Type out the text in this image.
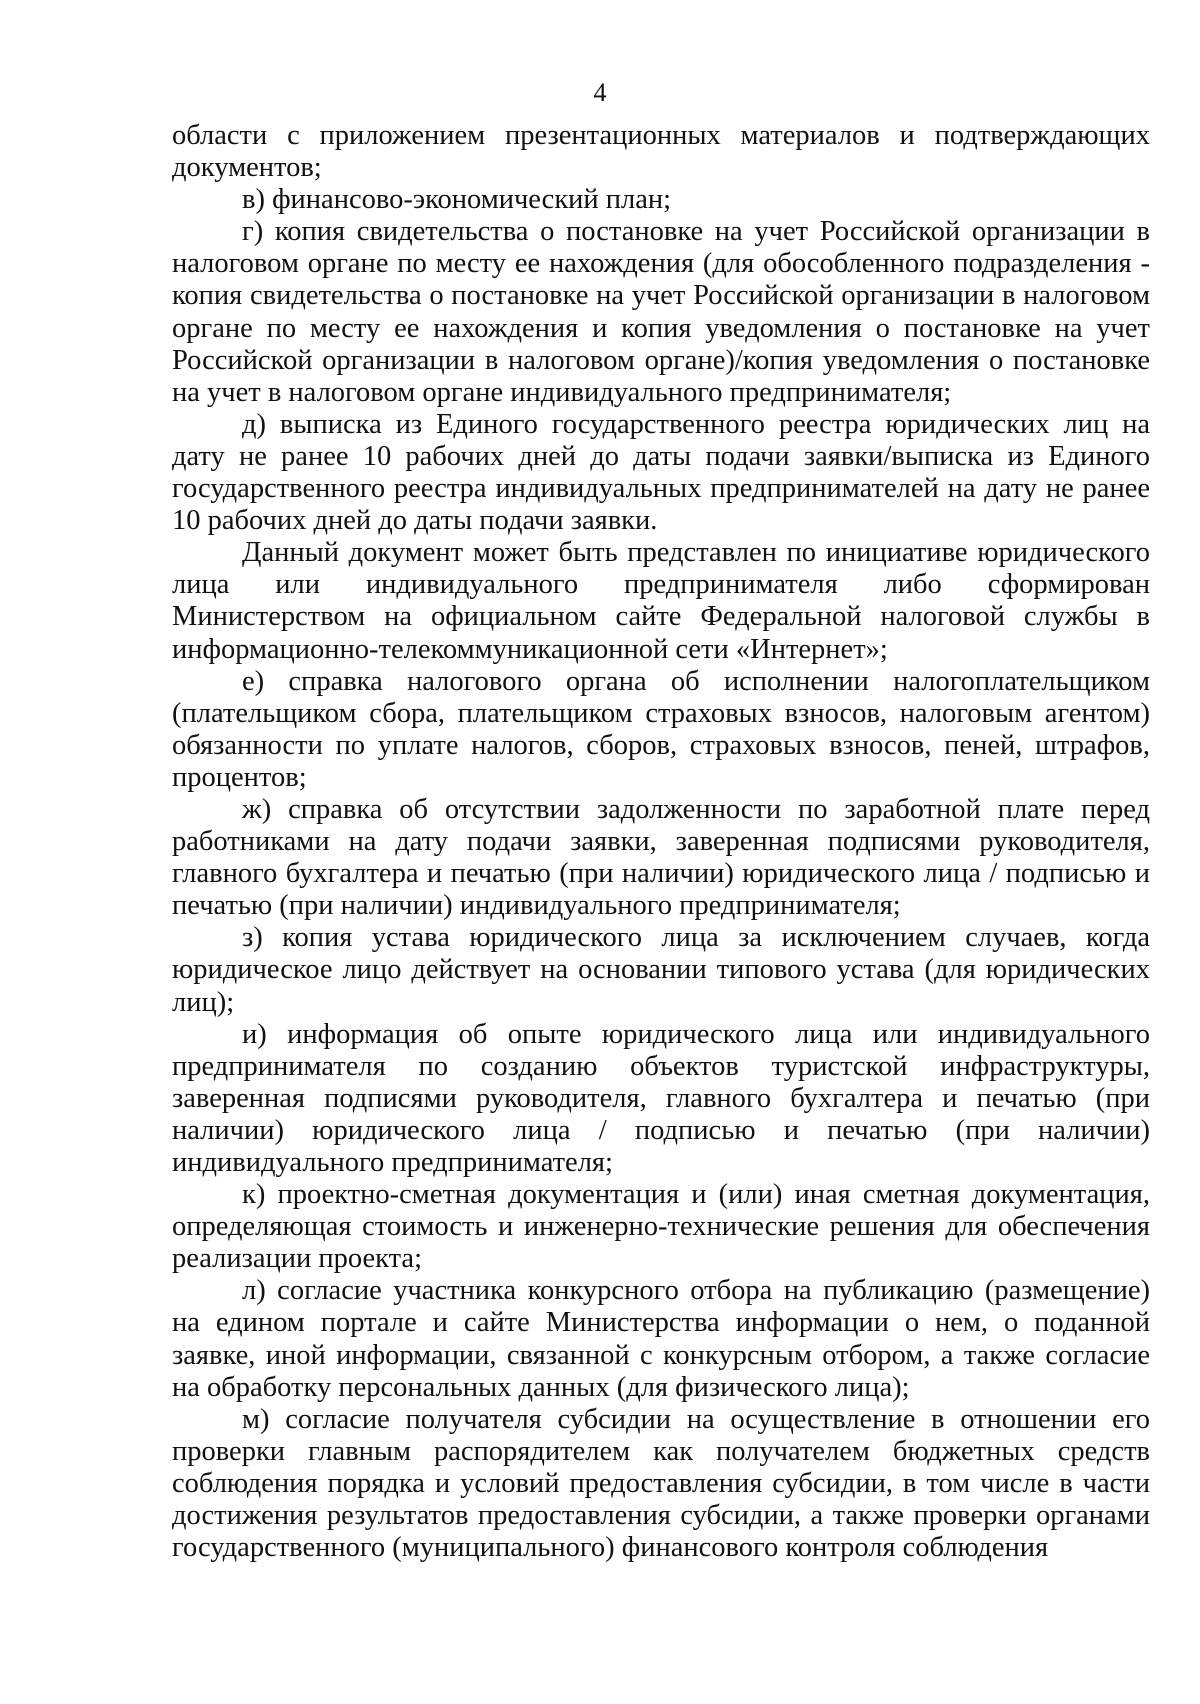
4

области с приложением презентационных материалов и подтверждающих документов;

в) финансово-экономический план;

г) копия свидетельства о постановке на учет Российской организации в налоговом органе по месту ее нахождения (для обособленного подразделения - копия свидетельства о постановке на учет Российской организации в налоговом органе по месту ее нахождения и копия уведомления о постановке на учет Российской организации в налоговом органе)/копия уведомления о постановке на учет в налоговом органе индивидуального предпринимателя;

д) выписка из Единого государственного реестра юридических лиц на дату не ранее 10 рабочих дней до даты подачи заявки/выписка из Единого государственного реестра индивидуальных предпринимателей на дату не ранее 10 рабочих дней до даты подачи заявки.

Данный документ может быть представлен по инициативе юридического лица или индивидуального предпринимателя либо сформирован Министерством на официальном сайте Федеральной налоговой службы в информационно-телекоммуникационной сети «Интернет»;

е) справка налогового органа об исполнении налогоплательщиком (плательщиком сбора, плательщиком страховых взносов, налоговым агентом) обязанности по уплате налогов, сборов, страховых взносов, пеней, штрафов, процентов;

ж) справка об отсутствии задолженности по заработной плате перед работниками на дату подачи заявки, заверенная подписями руководителя, главного бухгалтера и печатью (при наличии) юридического лица / подписью и печатью (при наличии) индивидуального предпринимателя;

з) копия устава юридического лица за исключением случаев, когда юридическое лицо действует на основании типового устава (для юридических лиц);

и) информация об опыте юридического лица или индивидуального предпринимателя по созданию объектов туристской инфраструктуры, заверенная подписями руководителя, главного бухгалтера и печатью (при наличии) юридического лица / подписью и печатью (при наличии) индивидуального предпринимателя;

к) проектно-сметная документация и (или) иная сметная документация, определяющая стоимость и инженерно-технические решения для обеспечения реализации проекта;

л) согласие участника конкурсного отбора на публикацию (размещение) на едином портале и сайте Министерства информации о нем, о поданной заявке, иной информации, связанной с конкурсным отбором, а также согласие на обработку персональных данных (для физического лица);

м) согласие получателя субсидии на осуществление в отношении его проверки главным распорядителем как получателем бюджетных средств соблюдения порядка и условий предоставления субсидии, в том числе в части достижения результатов предоставления субсидии, а также проверки органами государственного (муниципального) финансового контроля соблюдения
